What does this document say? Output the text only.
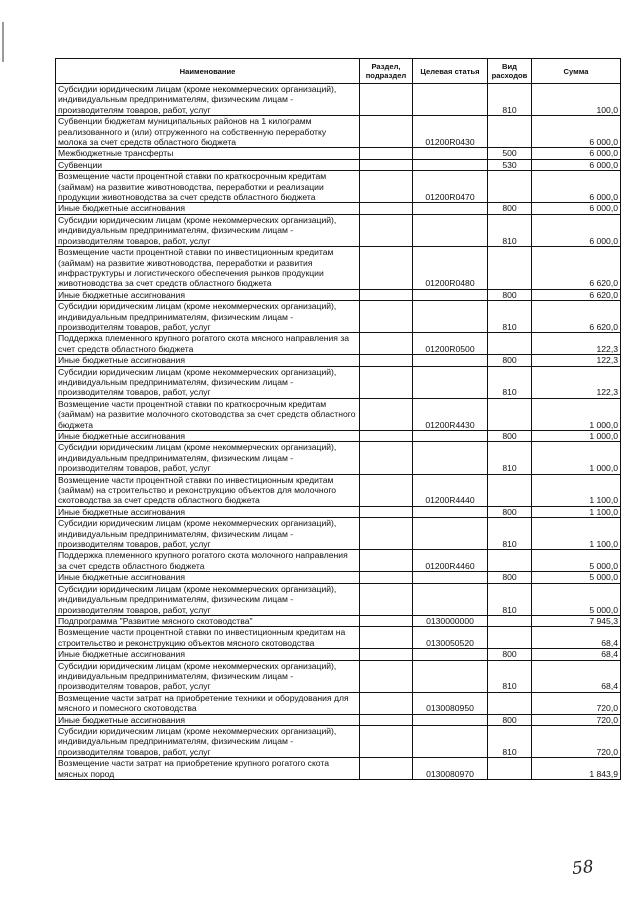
Наименование	Раздел, подраздел	Целевая статья	Вид расходов	Сумма
Субсидии юридическим лицам (кроме некоммерческих организаций), индивидуальным предпринимателям, физическим лицам - производителям товаров, работ, услуг			810	100,0
Субвенции бюджетам муниципальных районов на 1 килограмм реализованного и (или) отгруженного на собственную переработку молока за счет средств областного бюджета		01200R0430		6 000,0
Межбюджетные трансферты			500	6 000,0
Субвенции			530	6 000,0
Возмещение части процентной ставки по краткосрочным кредитам (займам) на развитие животноводства, переработки и реализации продукции животноводства за счет средств областного бюджета		01200R0470		6 000,0
Иные бюджетные ассигнования			800	6 000,0
Субсидии юридическим лицам (кроме некоммерческих организаций), индивидуальным предпринимателям, физическим лицам - производителям товаров, работ, услуг			810	6 000,0
Возмещение части процентной ставки по инвестиционным кредитам (займам) на развитие животноводства, переработки и развития инфраструктуры и логистического обеспечения рынков продукции животноводства за счет средств областного бюджета		01200R0480		6 620,0
Иные бюджетные ассигнования			800	6 620,0
Субсидии юридическим лицам (кроме некоммерческих организаций), индивидуальным предпринимателям, физическим лицам - производителям товаров, работ, услуг			810	6 620,0
Поддержка племенного крупного рогатого скота мясного направления за счет средств областного бюджета		01200R0500		122,3
Иные бюджетные ассигнования			800	122,3
Субсидии юридическим лицам (кроме некоммерческих организаций), индивидуальным предпринимателям, физическим лицам - производителям товаров, работ, услуг			810	122,3
Возмещение части процентной ставки по краткосрочным кредитам (займам) на развитие молочного скотоводства за счет средств областного бюджета		01200R4430		1 000,0
Иные бюджетные ассигнования			800	1 000,0
Субсидии юридическим лицам (кроме некоммерческих организаций), индивидуальным предпринимателям, физическим лицам - производителям товаров, работ, услуг			810	1 000,0
Возмещение части процентной ставки по инвестиционным кредитам (займам) на строительство и реконструкцию объектов для молочного скотоводства за счет средств областного бюджета		01200R4440		1 100,0
Иные бюджетные ассигнования			800	1 100,0
Субсидии юридическим лицам (кроме некоммерческих организаций), индивидуальным предпринимателям, физическим лицам - производителям товаров, работ, услуг			810	1 100,0
Поддержка племенного крупного рогатого скота молочного направления за счет средств областного бюджета		01200R4460		5 000,0
Иные бюджетные ассигнования			800	5 000,0
Субсидии юридическим лицам (кроме некоммерческих организаций), индивидуальным предпринимателям, физическим лицам - производителям товаров, работ, услуг			810	5 000,0
Подпрограмма "Развитие мясного скотоводства"		0130000000		7 945,3
Возмещение части процентной ставки по инвестиционным кредитам на строительство и реконструкцию объектов мясного скотоводства		0130050520		68,4
Иные бюджетные ассигнования			800	68,4
Субсидии юридическим лицам (кроме некоммерческих организаций), индивидуальным предпринимателям, физическим лицам - производителям товаров, работ, услуг			810	68,4
Возмещение части затрат на приобретение техники и оборудования для мясного и помесного скотоводства		0130080950		720,0
Иные бюджетные ассигнования			800	720,0
Субсидии юридическим лицам (кроме некоммерческих организаций), индивидуальным предпринимателям, физическим лицам - производителям товаров, работ, услуг			810	720,0
Возмещение части затрат на приобретение крупного рогатого скота мясных пород		0130080970		1 843,9
58
